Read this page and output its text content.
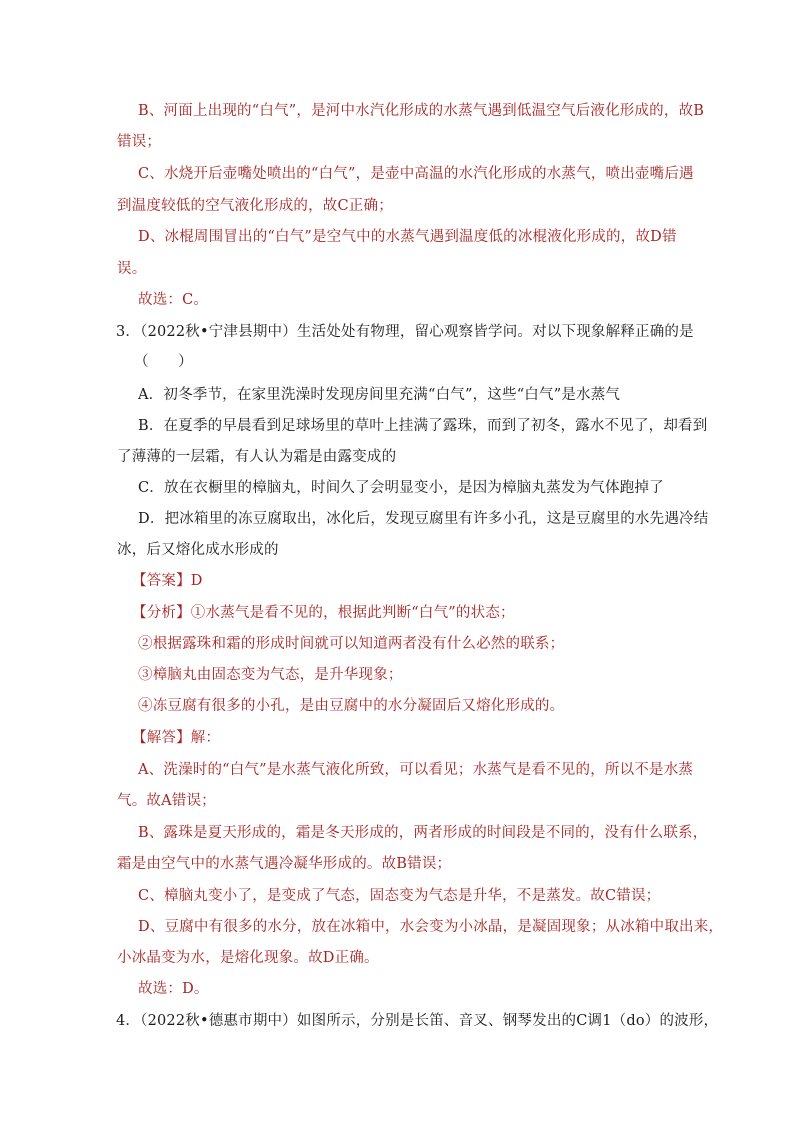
B、河面上出现的“白气”，是河中水汽化形成的水蒸气遇到低温空气后液化形成的，故B
错误；
C、水烧开后壶嘴处喷出的“白气”，是壶中高温的水汽化形成的水蒸气，喷出壶嘴后遇
到温度较低的空气液化形成的，故C正确；
D、冰棍周围冒出的“白气”是空气中的水蒸气遇到温度低的冰棍液化形成的，故D错
误。
故选：C。
3．（2022秋•宁津县期中）生活处处有物理，留心观察皆学问。对以下现象解释正确的是
（　　）
A．初冬季节，在家里洗澡时发现房间里充满“白气”，这些“白气”是水蒸气
B．在夏季的早晨看到足球场里的草叶上挂满了露珠，而到了初冬，露水不见了，却看到
了薄薄的一层霜，有人认为霜是由露变成的
C．放在衣橱里的樟脑丸，时间久了会明显变小，是因为樟脑丸蒸发为气体跑掉了
D．把冰箱里的冻豆腐取出，冰化后，发现豆腐里有许多小孔，这是豆腐里的水先遇冷结
冰，后又熔化成水形成的
【答案】D
【分析】①水蒸气是看不见的，根据此判断“白气”的状态；
②根据露珠和霜的形成时间就可以知道两者没有什么必然的联系；
③樟脑丸由固态变为气态，是升华现象；
④冻豆腐有很多的小孔，是由豆腐中的水分凝固后又熔化形成的。
【解答】解：
A、洗澡时的“白气”是水蒸气液化所致，可以看见；水蒸气是看不见的，所以不是水蒸
气。故A错误；
B、露珠是夏天形成的，霜是冬天形成的，两者形成的时间段是不同的，没有什么联系，
霜是由空气中的水蒸气遇冷凝华形成的。故B错误；
C、樟脑丸变小了，是变成了气态，固态变为气态是升华，不是蒸发。故C错误；
D、豆腐中有很多的水分，放在冰箱中，水会变为小冰晶，是凝固现象；从冰箱中取出来，
小冰晶变为水，是熔化现象。故D正确。
故选：D。
4．（2022秋•德惠市期中）如图所示，分别是长笛、音叉、钢琴发出的C调1（do）的波形，
